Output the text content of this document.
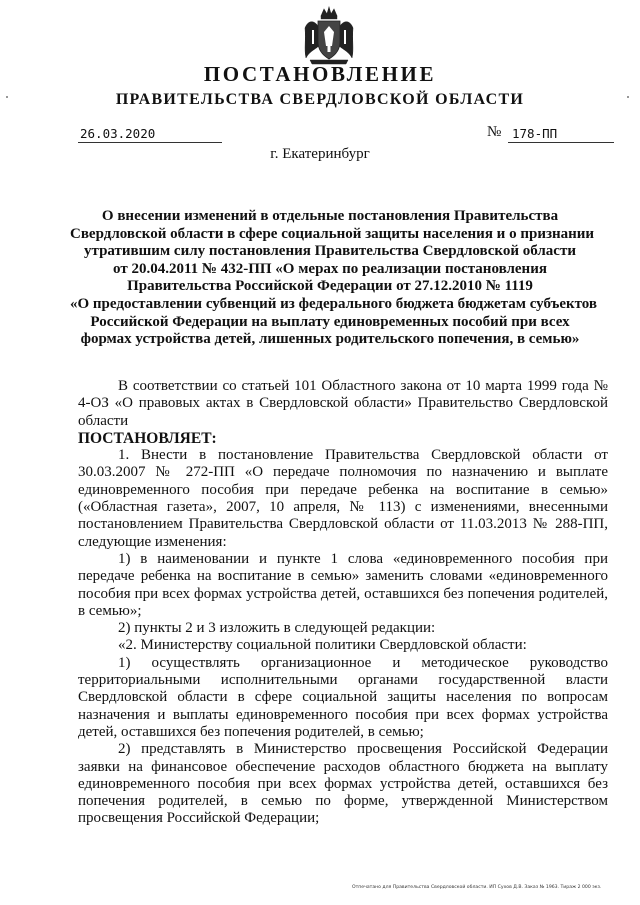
ПОСТАНОВЛЕНИЕ
ПРАВИТЕЛЬСТВА СВЕРДЛОВСКОЙ ОБЛАСТИ
26.03.2020	№ 178-ПП
г. Екатеринбург
О внесении изменений в отдельные постановления Правительства
Свердловской области в сфере социальной защиты населения и о признании
утратившим силу постановления Правительства Свердловской области
от 20.04.2011 № 432-ПП «О мерах по реализации постановления
Правительства Российской Федерации от 27.12.2010 № 1119
«О предоставлении субвенций из федерального бюджета бюджетам субъектов
Российской Федерации на выплату единовременных пособий при всех
формах устройства детей, лишенных родительского попечения, в семью»
В соответствии со статьей 101 Областного закона от 10 марта 1999 года № 4-ОЗ «О правовых актах в Свердловской области» Правительство Свердловской области
ПОСТАНОВЛЯЕТ:
1. Внести в постановление Правительства Свердловской области от 30.03.2007 № 272-ПП «О передаче полномочия по назначению и выплате единовременного пособия при передаче ребенка на воспитание в семью» («Областная газета», 2007, 10 апреля, № 113) с изменениями, внесенными постановлением Правительства Свердловской области от 11.03.2013 № 288-ПП, следующие изменения:
1) в наименовании и пункте 1 слова «единовременного пособия при передаче ребенка на воспитание в семью» заменить словами «единовременного пособия при всех формах устройства детей, оставшихся без попечения родителей, в семью»;
2) пункты 2 и 3 изложить в следующей редакции:
«2. Министерству социальной политики Свердловской области:
1) осуществлять организационное и методическое руководство территориальными исполнительными органами государственной власти Свердловской области в сфере социальной защиты населения по вопросам назначения и выплаты единовременного пособия при всех формах устройства детей, оставшихся без попечения родителей, в семью;
2) представлять в Министерство просвещения Российской Федерации заявки на финансовое обеспечение расходов областного бюджета на выплату единовременного пособия при всех формах устройства детей, оставшихся без попечения родителей, в семью по форме, утвержденной Министерством просвещения Российской Федерации;
Отпечатано для Правительства Свердловской области. ИП Сухов Д.В. Заказ № 1963. Тираж 2 000 экз.
